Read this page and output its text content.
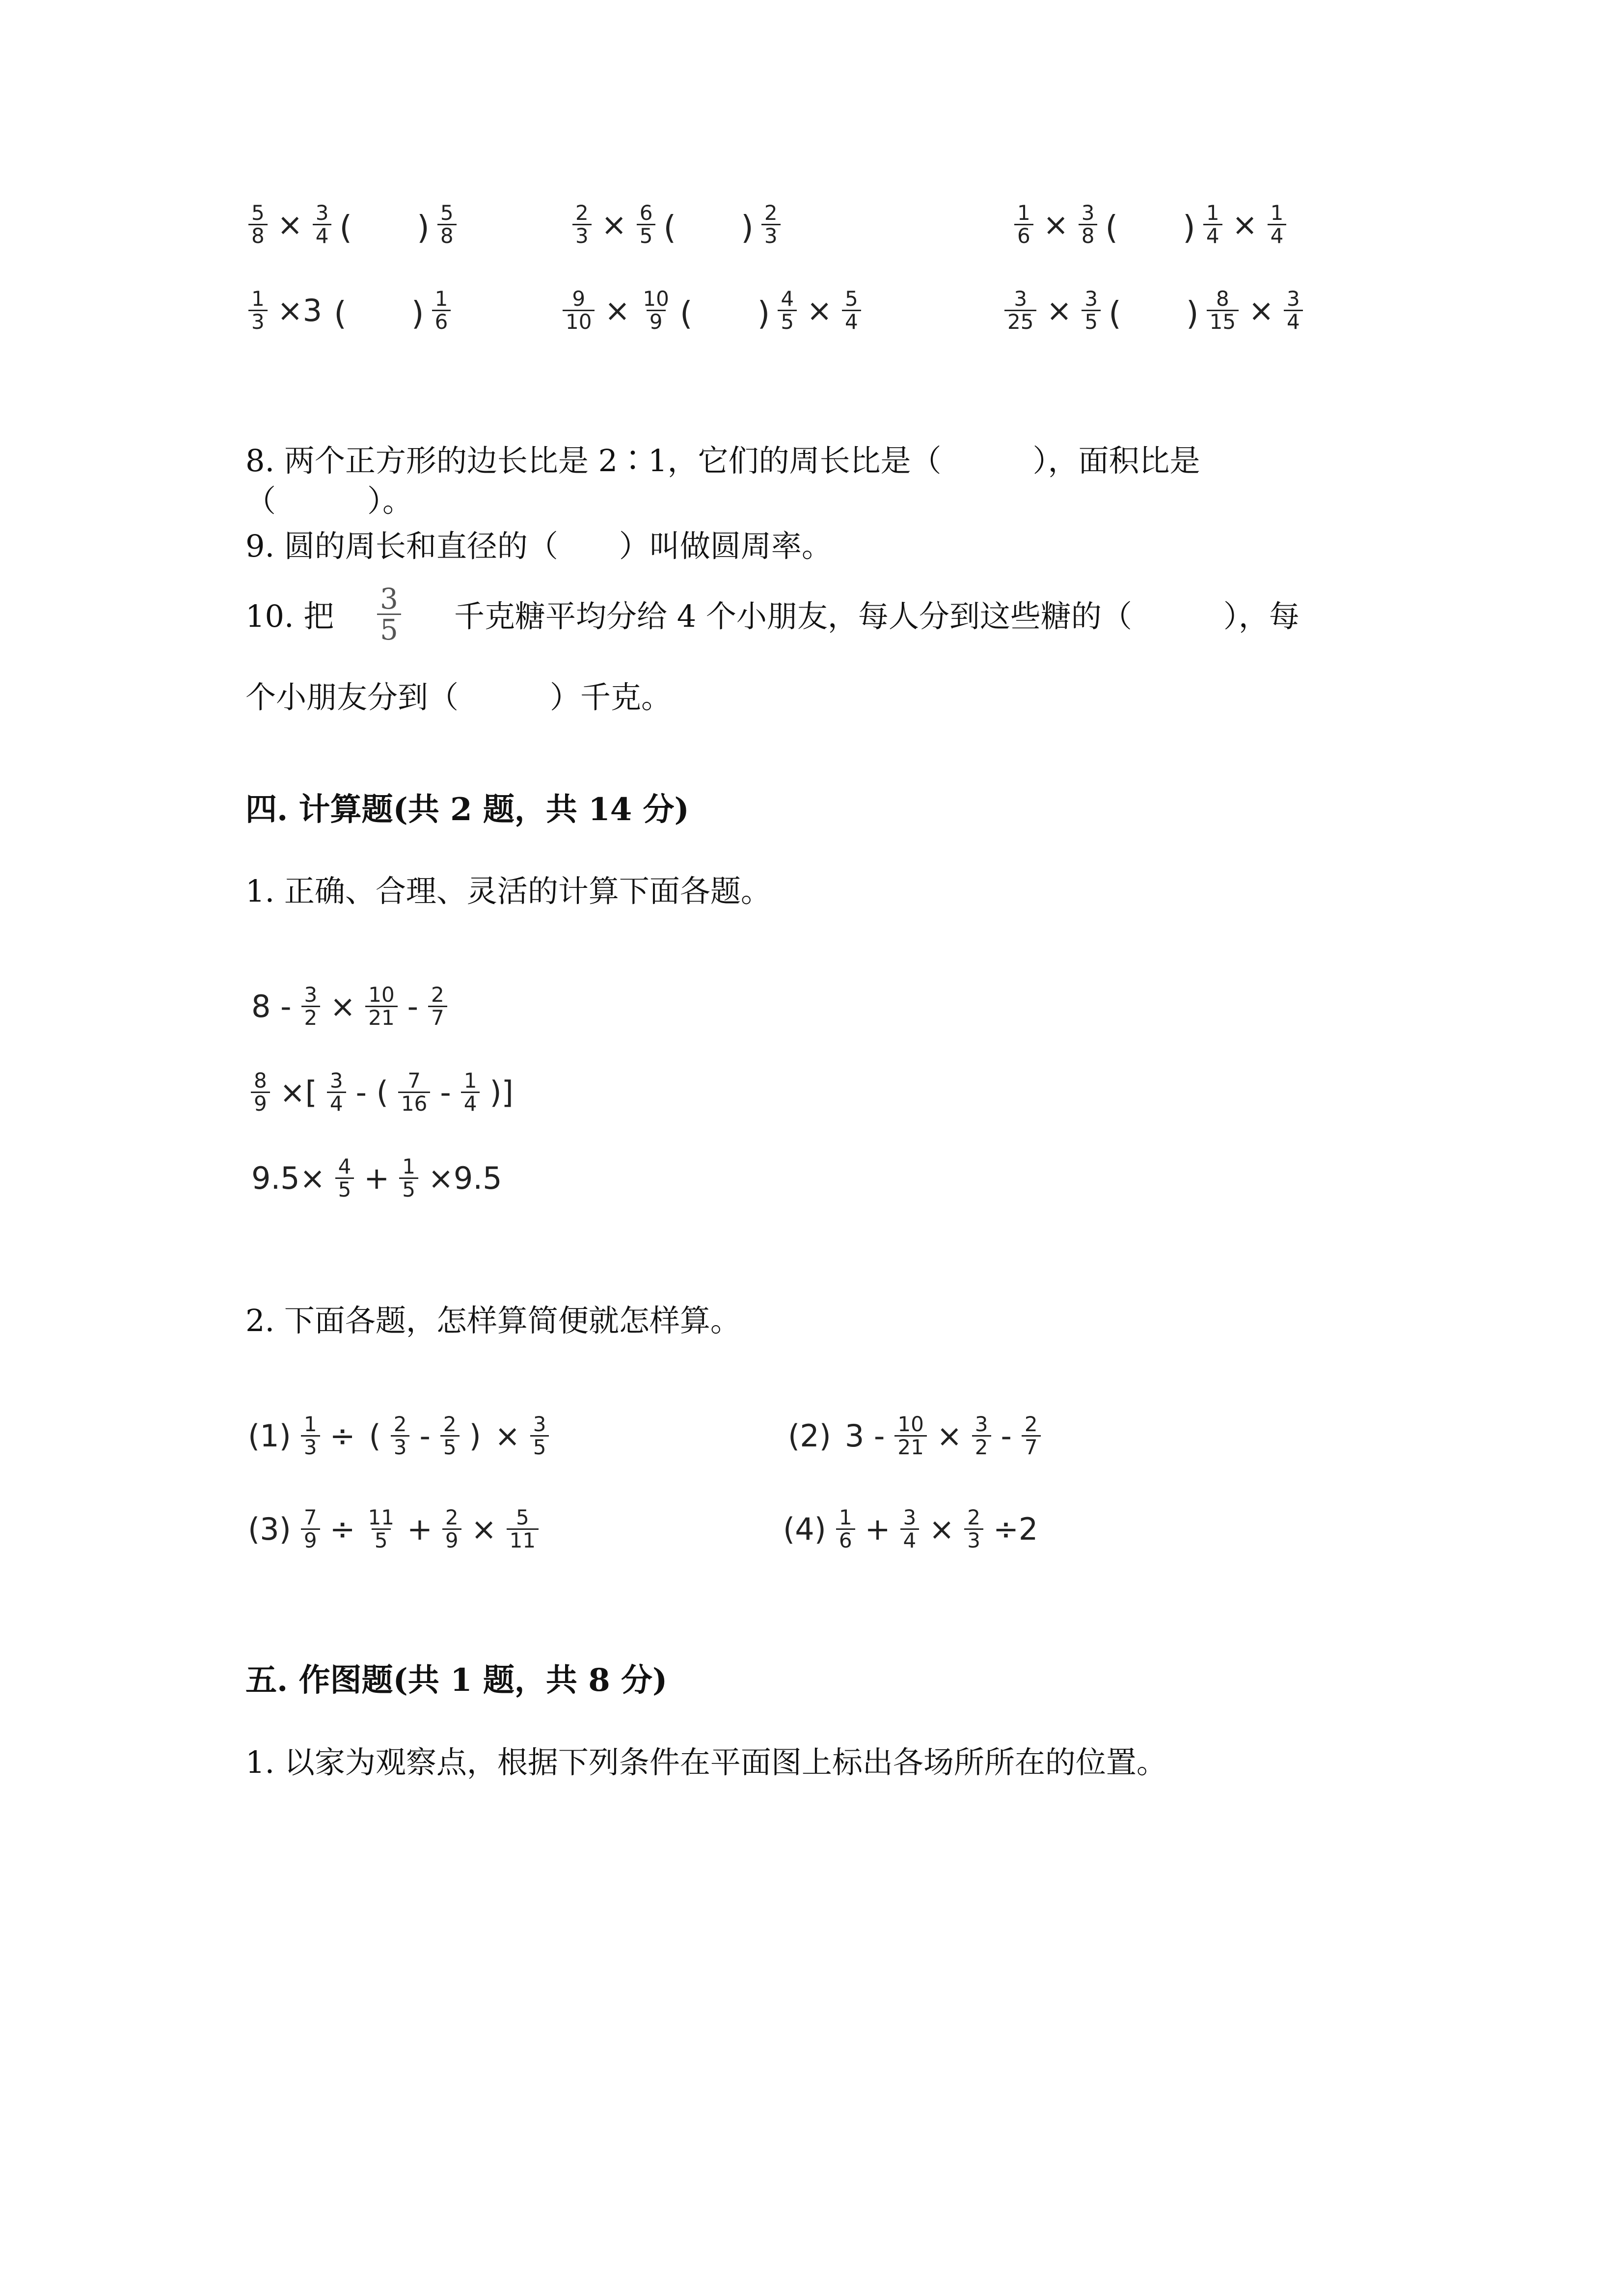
$\frac{5}{8} \times \frac{3}{4}$ (　　) $\frac{5}{8}$	$\frac{2}{3} \times \frac{6}{5}$ (　　) $\frac{2}{3}$	$\frac{1}{6} \times \frac{3}{8}$ (　　) $\frac{1}{4} \times \frac{1}{4}$
$\frac{1}{3} \times 3$ (　　) $\frac{1}{6}$	$\frac{9}{10} \times \frac{10}{9}$ (　　) $\frac{4}{5} \times \frac{5}{4}$	$\frac{3}{25} \times \frac{3}{5}$ (　　) $\frac{8}{15} \times \frac{3}{4}$
8. 两个正方形的边长比是 2∶1，它们的周长比是（　　　），面积比是
（　　　）。
9. 圆的周长和直径的（　　）叫做圆周率。
10. 把 $\frac{3}{5}$ 千克糖平均分给 4 个小朋友，每人分到这些糖的（　　　），每
个小朋友分到（　　　）千克。
四. 计算题(共 2 题，共 14 分)
1. 正确、合理、灵活的计算下面各题。
$8 - \frac{3}{2} \times \frac{10}{21} - \frac{2}{7}$
$\frac{8}{9}$ ×[ $\frac{3}{4}$ - ( $\frac{7}{16} - \frac{1}{4}$ )]
$9.5\times \frac{4}{5} + \frac{1}{5} \times 9.5$
2. 下面各题，怎样算简便就怎样算。
$(1) \frac{1}{3}$ ÷ ( $\frac{2}{3} - \frac{2}{5}$ ) × $\frac{3}{5}$	(2) $3 - \frac{10}{21} \times \frac{3}{2} - \frac{2}{7}$
$(3) \frac{7}{9} \div \frac{11}{5} + \frac{2}{9} \times \frac{5}{11}$	$(4) \frac{1}{6} + \frac{3}{4} \times \frac{2}{3} \div 2$
五. 作图题(共 1 题，共 8 分)
1. 以家为观察点，根据下列条件在平面图上标出各场所所在的位置。
